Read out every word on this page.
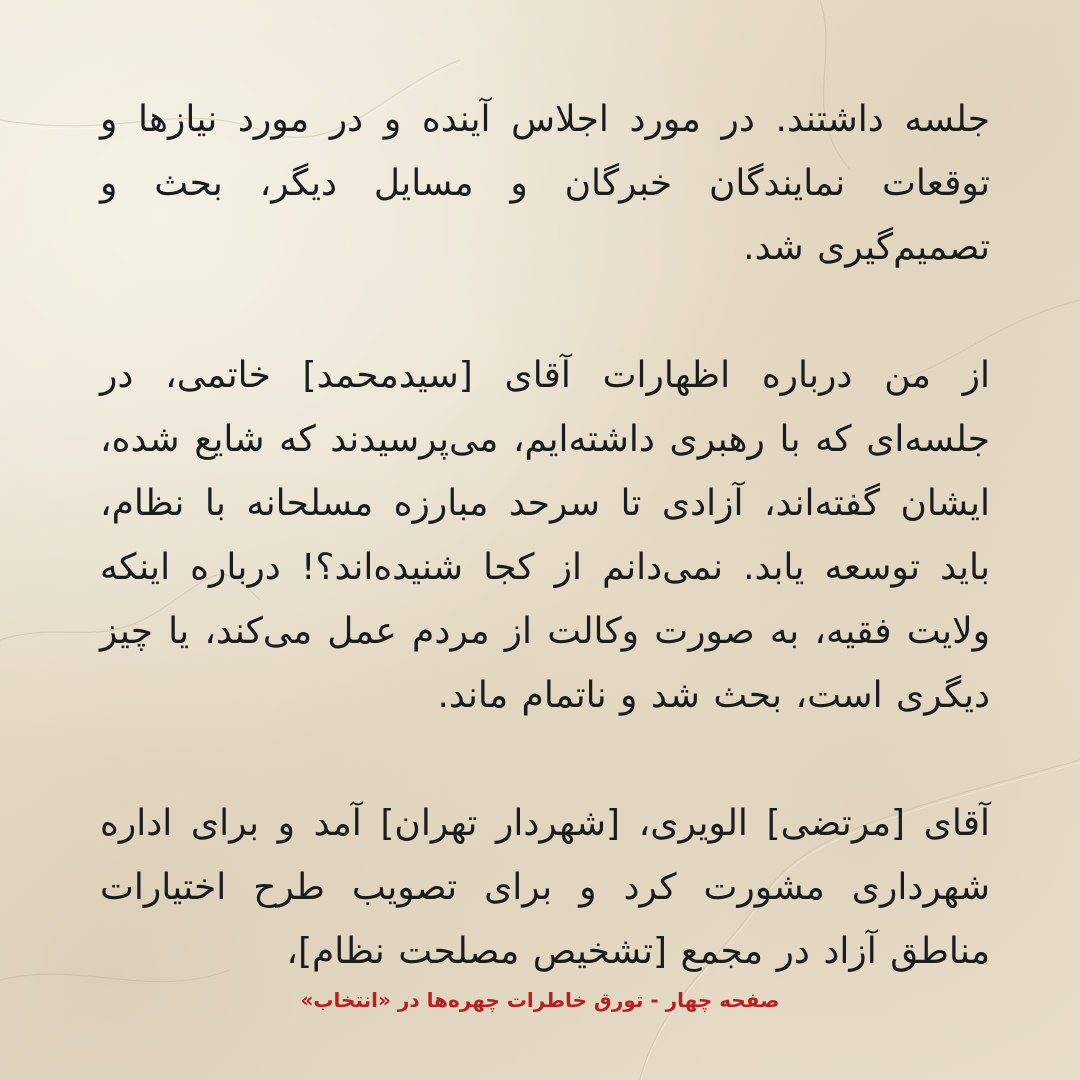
جلسه داشتند. در مورد اجلاس آینده و در مورد نیازها و توقعات نمایندگان خبرگان و مسایل دیگر، بحث و تصمیم‌گیری شد.

از من درباره اظهارات آقای [سیدمحمد] خاتمی، در جلسه‌ای که با رهبری داشته‌ایم، می‌پرسیدند که شایع شده، ایشان گفته‌اند، آزادی تا سرحد مبارزه مسلحانه با نظام، باید توسعه یابد. نمی‌دانم از کجا شنیده‌اند؟! درباره اینکه ولایت فقیه، به صورت وکالت از مردم عمل می‌کند، یا چیز دیگری است، بحث شد و ناتمام ماند.

آقای [مرتضی] الویری، [شهردار تهران] آمد و برای اداره شهرداری مشورت کرد و برای تصویب طرح اختیارات مناطق آزاد در مجمع [تشخیص مصلحت نظام]،

صفحه چهار - تورق خاطرات چهره‌ها در «انتخاب»
